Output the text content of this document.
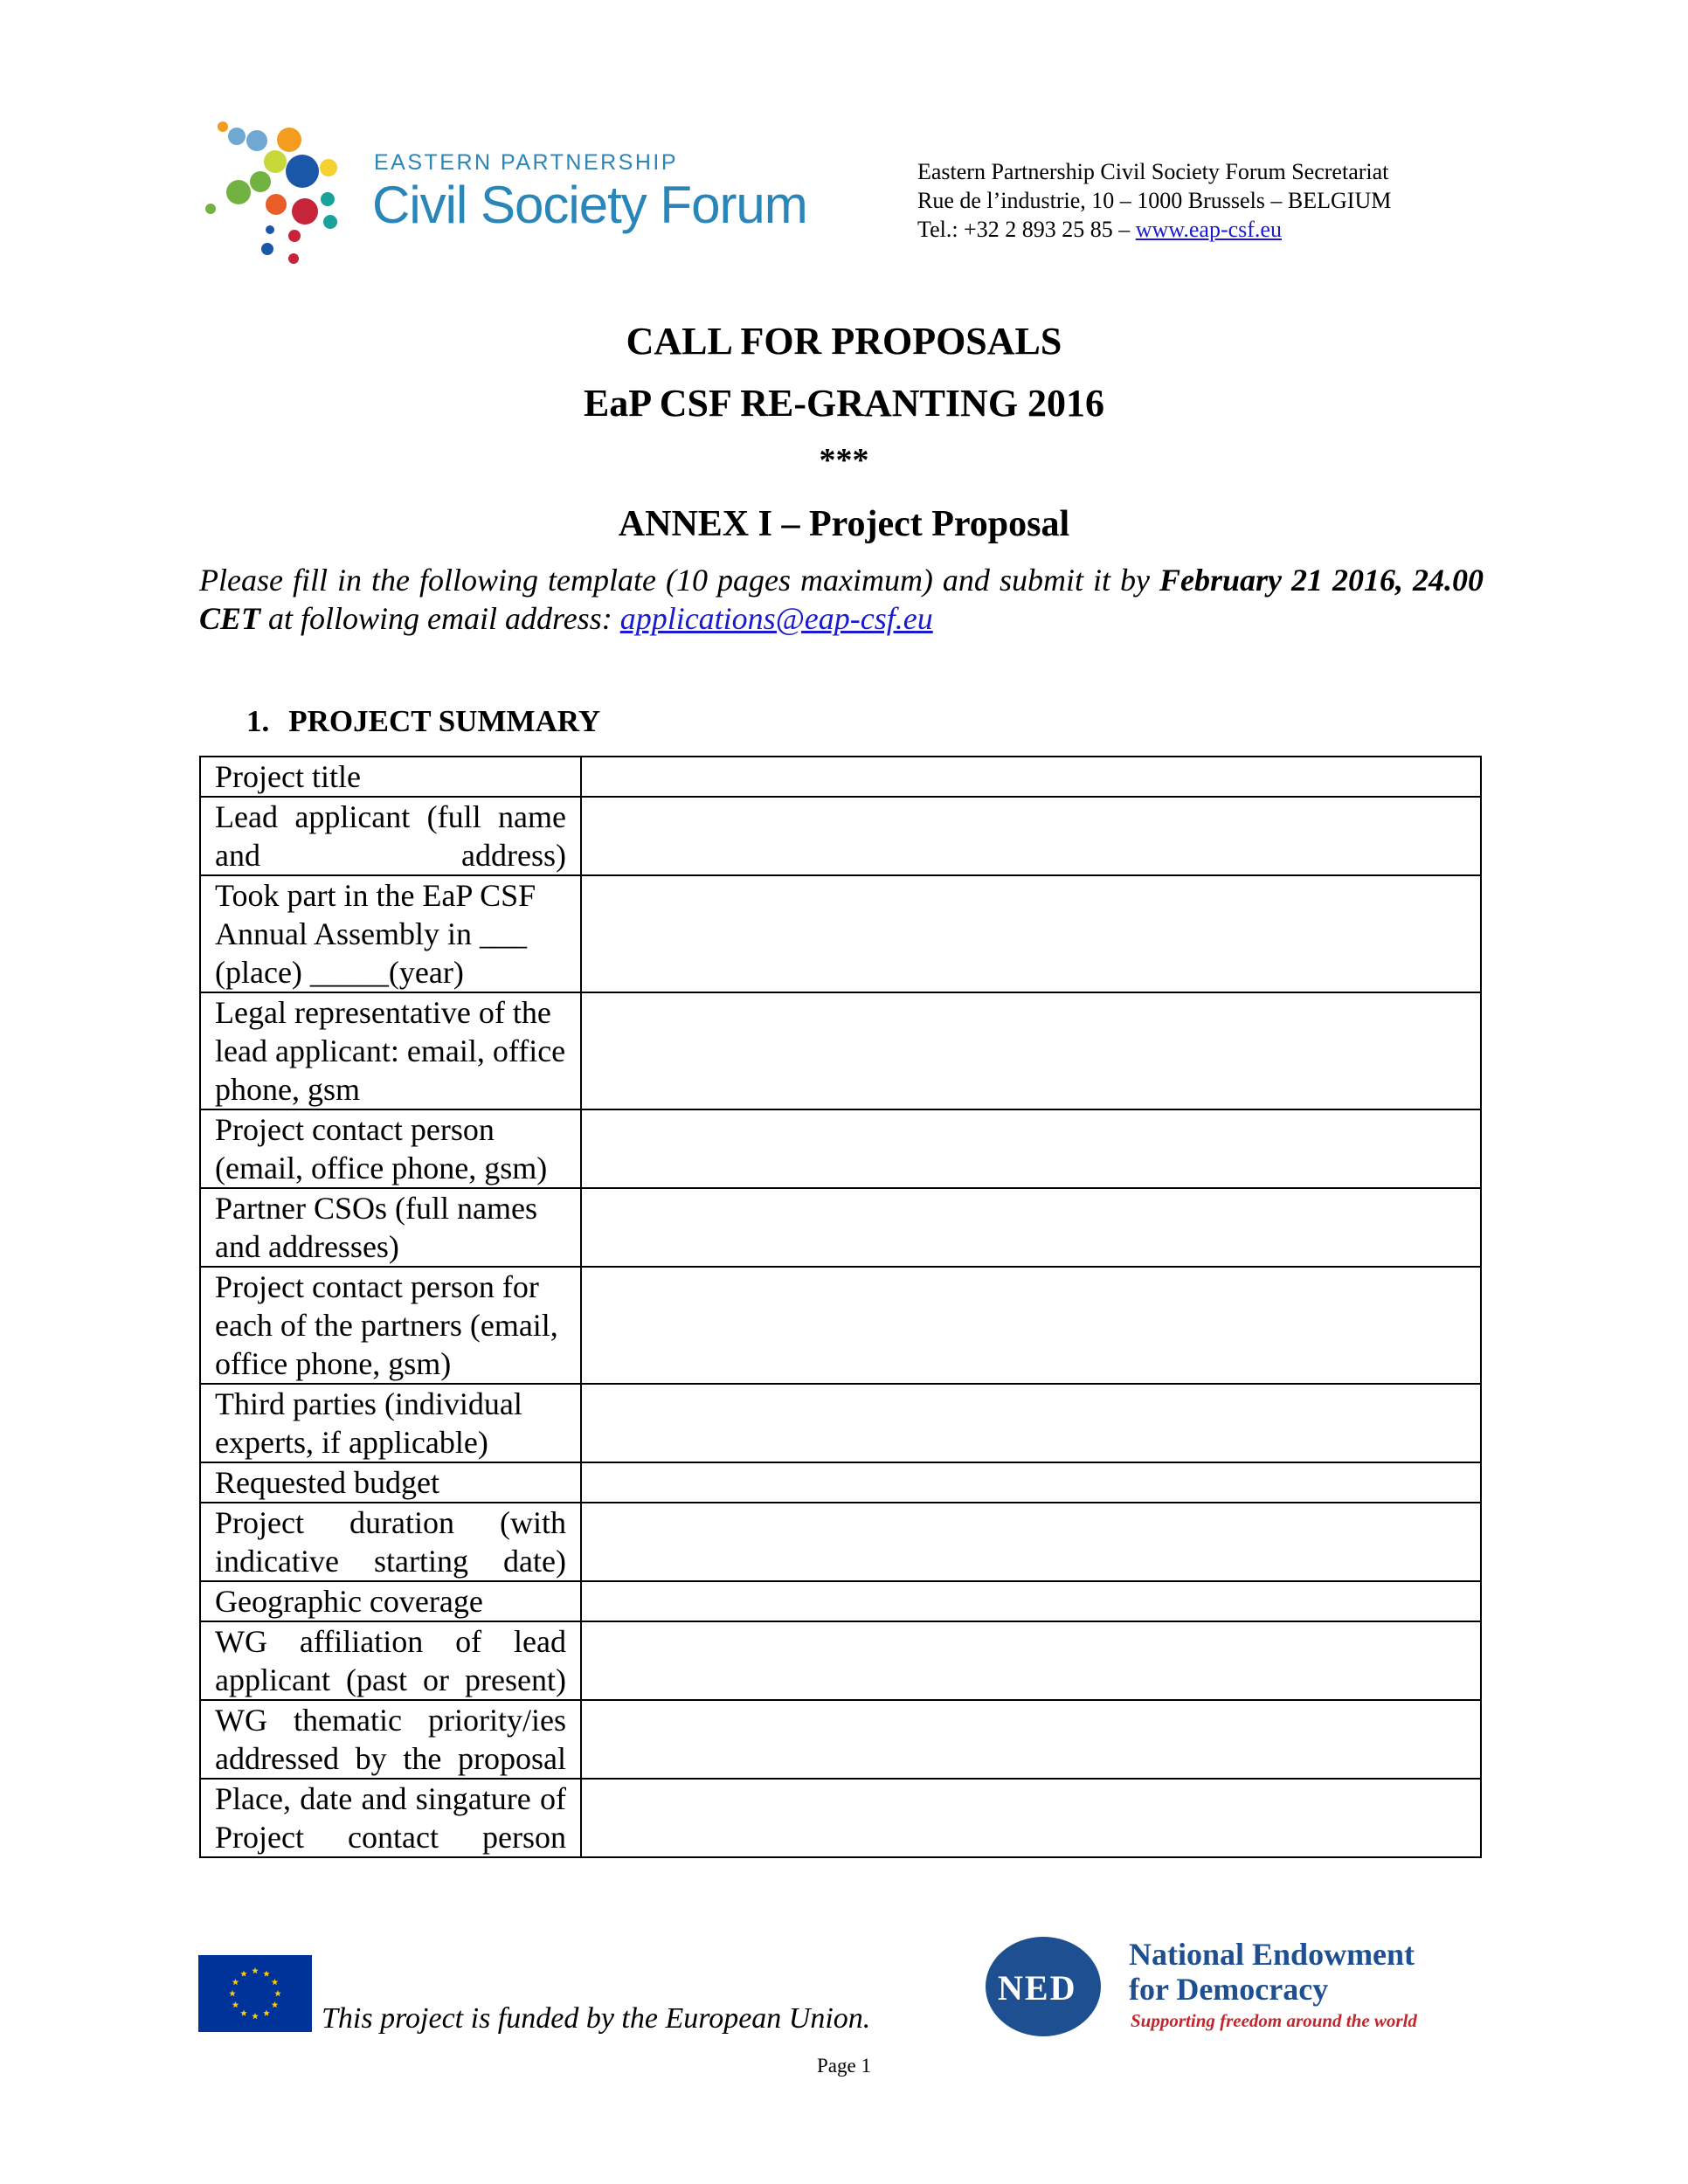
EASTERN PARTNERSHIP
Civil Society Forum
Eastern Partnership Civil Society Forum Secretariat
Rue de l’industrie, 10 – 1000 Brussels – BELGIUM
Tel.: +32 2 893 25 85 – www.eap-csf.eu
CALL FOR PROPOSALS
EaP CSF RE-GRANTING 2016
***
ANNEX I – Project Proposal
Please fill in the following template (10 pages maximum) and submit it by February 21 2016, 24.00 CET at following email address: applications@eap-csf.eu
1. PROJECT SUMMARY
Project title	
Lead applicant (full name and address)	
Took part in the EaP CSF Annual Assembly in ___ (place) _____(year)	
Legal representative of the lead applicant: email, office phone, gsm	
Project contact person (email, office phone, gsm)	
Partner CSOs (full names and addresses)	
Project contact person for each of the partners (email, office phone, gsm)	
Third parties (individual experts, if applicable)	
Requested budget	
Project duration (with indicative starting date)	
Geographic coverage	
WG affiliation of lead applicant (past or present)	
WG thematic priority/ies addressed by the proposal	
Place, date and singature of Project contact person	
This project is funded by the European Union.
NED
National Endowment
for Democracy
Supporting freedom around the world
Page 1
